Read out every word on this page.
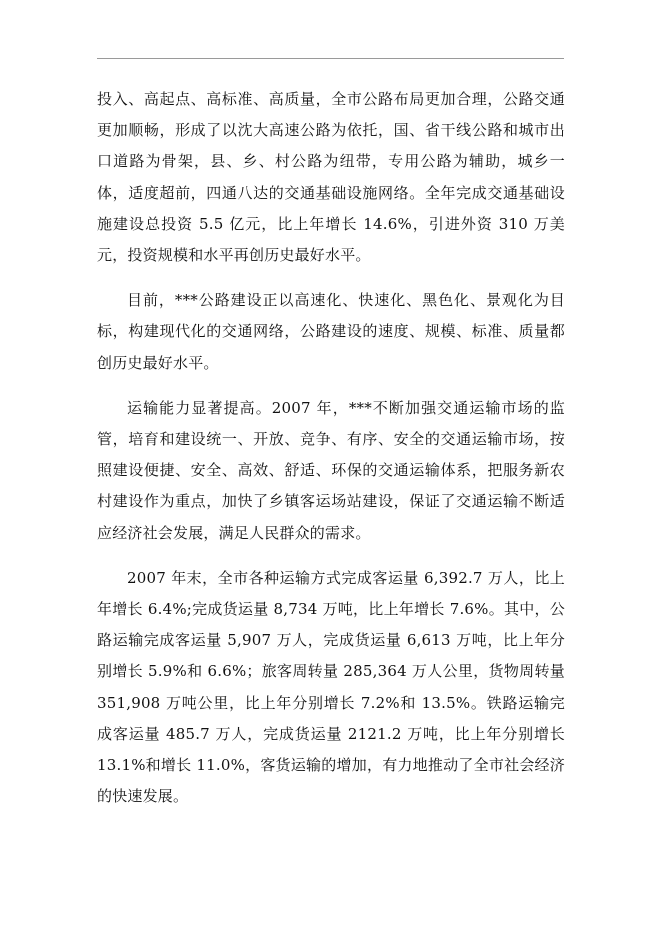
投入、高起点、高标准、高质量，全市公路布局更加合理，公路交通更加顺畅，形成了以沈大高速公路为依托，国、省干线公路和城市出口道路为骨架，县、乡、村公路为纽带，专用公路为辅助，城乡一体，适度超前，四通八达的交通基础设施网络。全年完成交通基础设施建设总投资 5.5 亿元，比上年增长 14.6%，引进外资 310 万美元，投资规模和水平再创历史最好水平。

目前，***公路建设正以高速化、快速化、黑色化、景观化为目标，构建现代化的交通网络，公路建设的速度、规模、标准、质量都创历史最好水平。

运输能力显著提高。2007 年，***不断加强交通运输市场的监管，培育和建设统一、开放、竞争、有序、安全的交通运输市场，按照建设便捷、安全、高效、舒适、环保的交通运输体系，把服务新农村建设作为重点，加快了乡镇客运场站建设，保证了交通运输不断适应经济社会发展，满足人民群众的需求。

2007 年末，全市各种运输方式完成客运量 6,392.7 万人，比上年增长 6.4%;完成货运量 8,734 万吨，比上年增长 7.6%。其中，公路运输完成客运量 5,907 万人，完成货运量 6,613 万吨，比上年分别增长 5.9%和 6.6%；旅客周转量 285,364 万人公里，货物周转量 351,908 万吨公里，比上年分别增长 7.2%和 13.5%。铁路运输完成客运量 485.7 万人，完成货运量 2121.2 万吨，比上年分别增长 13.1%和增长 11.0%，客货运输的增加，有力地推动了全市社会经济的快速发展。
